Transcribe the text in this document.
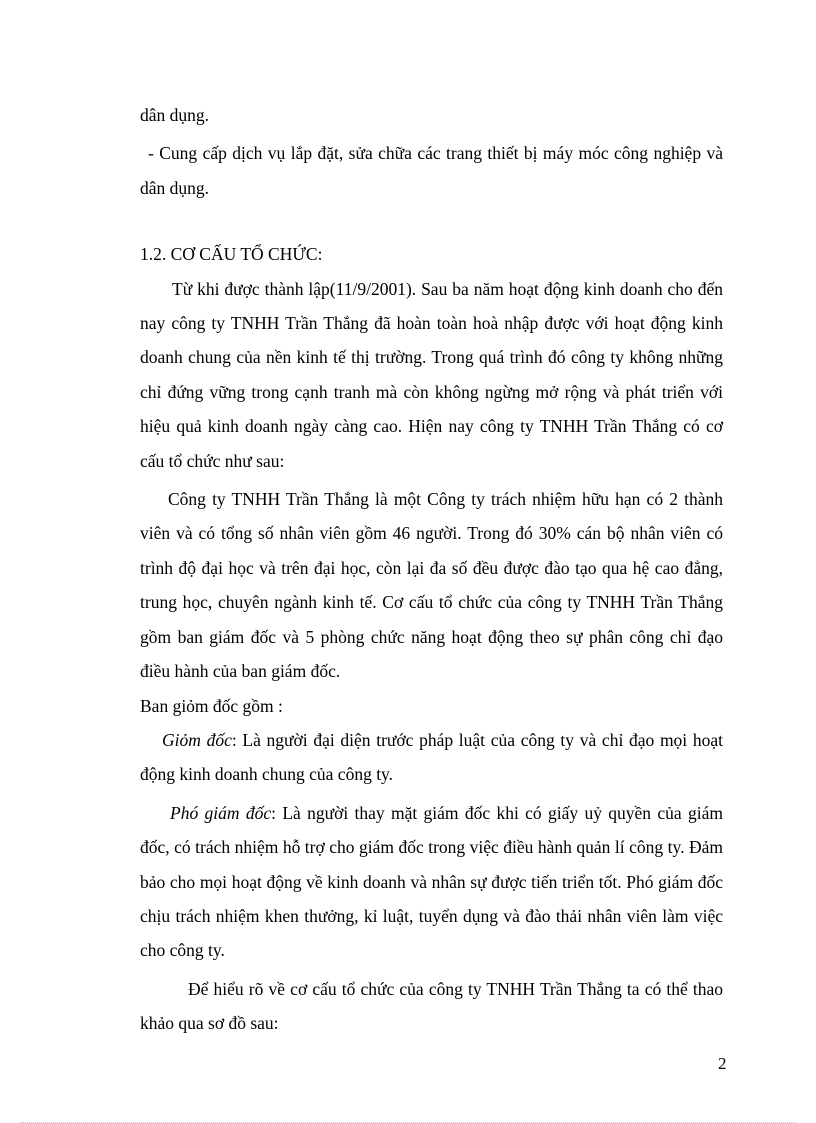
dân dụng.

- Cung cấp dịch vụ lắp đặt, sửa chữa các trang thiết bị máy móc công nghiệp và dân dụng.

1.2. CƠ CẤU TỔ CHỨC:

Từ khi được thành lập(11/9/2001). Sau ba năm hoạt động kinh doanh cho đến nay công ty TNHH Trần Thắng đã hoàn toàn hoà nhập được với hoạt động kinh doanh chung của nền kinh tế thị trường. Trong quá trình đó công ty không những chỉ đứng vững trong cạnh tranh mà còn không ngừng mở rộng và phát triển với hiệu quả kinh doanh ngày càng cao. Hiện nay công ty TNHH Trần Thắng có cơ cấu tổ chức như sau:

Công ty TNHH Trần Thắng là một Công ty trách nhiệm hữu hạn có 2 thành viên và có tổng số nhân viên gồm 46 người. Trong đó 30% cán bộ nhân viên có trình độ đại học và trên đại học, còn lại đa số đều được đào tạo qua hệ cao đẳng, trung học, chuyên ngành kinh tế. Cơ cấu tổ chức của công ty TNHH Trần Thắng gồm ban giám đốc và 5 phòng chức năng hoạt động theo sự phân công chỉ đạo điều hành của ban giám đốc.

Ban giỏm đốc gồm :

Giỏm đốc: Là người đại diện trước pháp luật của công ty và chỉ đạo mọi hoạt động kinh doanh chung của công ty.

Phó giám đốc: Là người thay mặt giám đốc khi có giấy uỷ quyền của giám đốc, có trách nhiệm hỗ trợ cho giám đốc trong việc điều hành quản lí công ty. Đảm bảo cho mọi hoạt động về kinh doanh và nhân sự được tiến triển tốt. Phó giám đốc chịu trách nhiệm khen thưởng, kỉ luật, tuyển dụng và đào thải nhân viên làm việc cho công ty.

Để hiểu rõ về cơ cấu tổ chức của công ty TNHH Trần Thắng ta có thể thao khảo qua sơ đồ sau:

2
